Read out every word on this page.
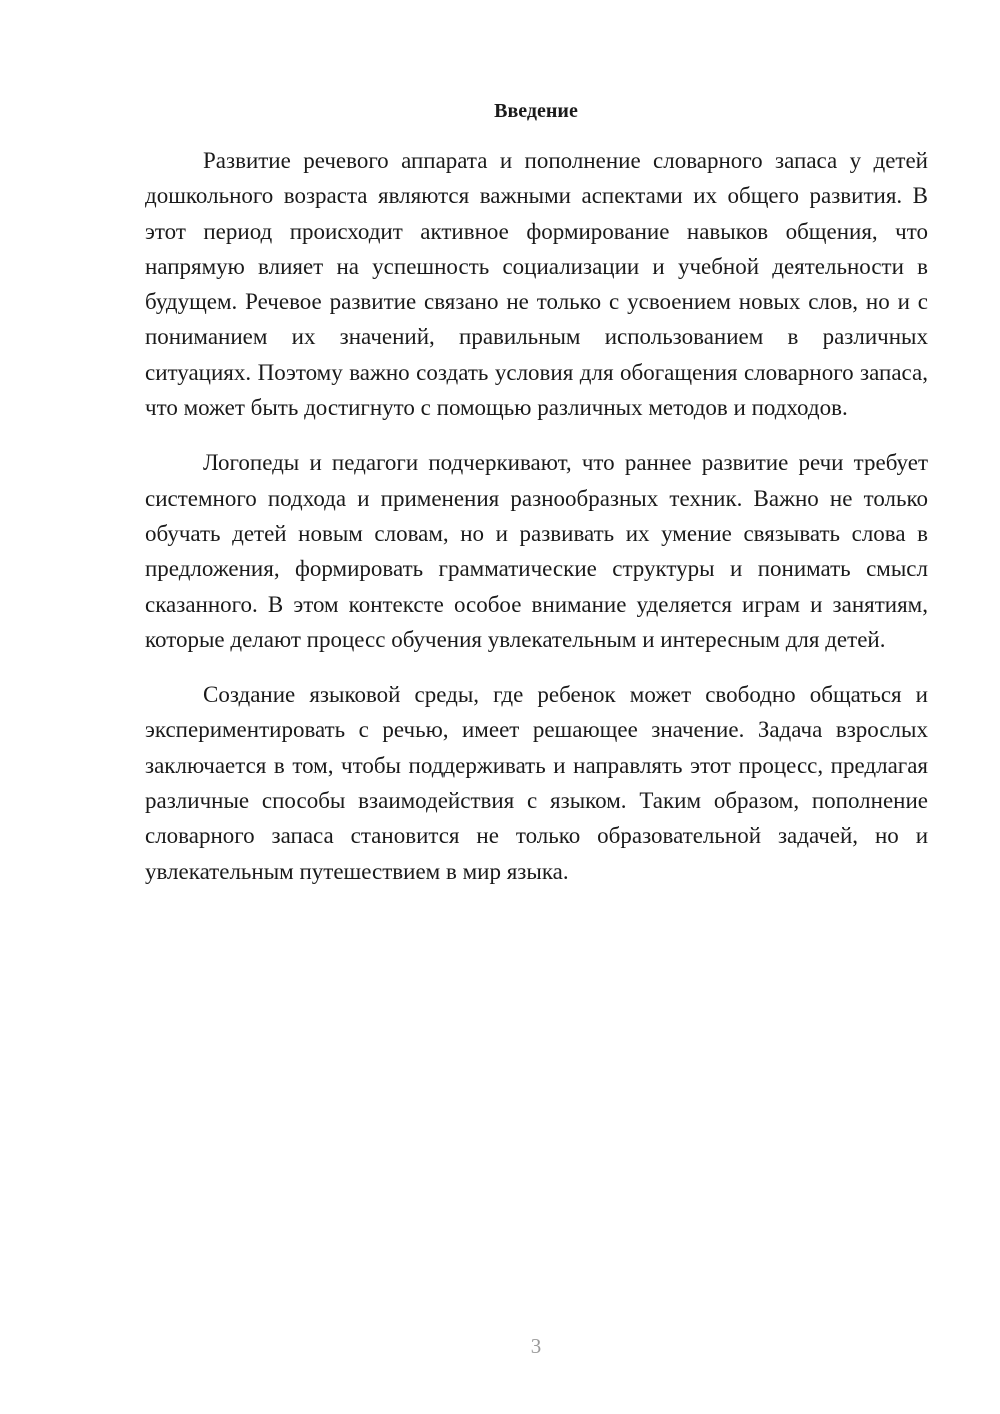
Введение

Развитие речевого аппарата и пополнение словарного запаса у детей дошкольного возраста являются важными аспектами их общего развития. В этот период происходит активное формирование навыков общения, что напрямую влияет на успешность социализации и учебной деятельности в будущем. Речевое развитие связано не только с усвоением новых слов, но и с пониманием их значений, правильным использованием в различных ситуациях. Поэтому важно создать условия для обогащения словарного запаса, что может быть достигнуто с помощью различных методов и подходов.

Логопеды и педагоги подчеркивают, что раннее развитие речи требует системного подхода и применения разнообразных техник. Важно не только обучать детей новым словам, но и развивать их умение связывать слова в предложения, формировать грамматические структуры и понимать смысл сказанного. В этом контексте особое внимание уделяется играм и занятиям, которые делают процесс обучения увлекательным и интересным для детей.

Создание языковой среды, где ребенок может свободно общаться и экспериментировать с речью, имеет решающее значение. Задача взрослых заключается в том, чтобы поддерживать и направлять этот процесс, предлагая различные способы взаимодействия с языком. Таким образом, пополнение словарного запаса становится не только образовательной задачей, но и увлекательным путешествием в мир языка.

3
